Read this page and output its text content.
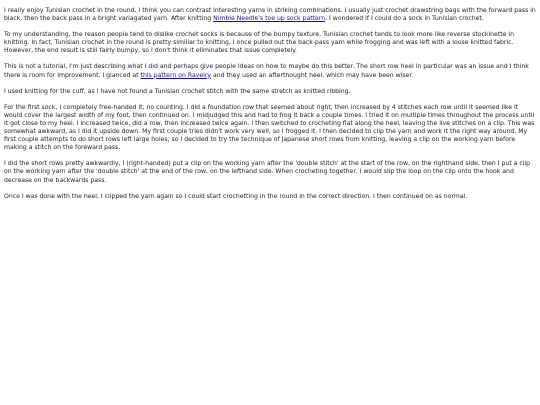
I really enjoy Tunisian crochet in the round, I think you can contrast interesting yarns in striking combinations. I usually just crochet drawstring bags with the forward pass in black, then the back pass in a bright variagated yarn. After knitting Nimble Needle's toe up sock pattern, I wondered if I could do a sock in Tunisian crochet.

To my understanding, the reason people tend to dislike crochet socks is because of the bumpy texture, Tunisian crochet tends to look more like reverse stockinette in knitting. In fact, Tunisian crochet in the round is pretty similiar to knitting, I once pulled out the back-pass yarn while frogging and was left with a loose knitted fabric. However, the end result is still fairly bumpy, so I don't think it eliminates that issue completely.

This is not a tutorial, I'm just describing what I did and perhaps give people ideas on how to maybe do this better. The short row heel in particular was an issue and I think there is room for improvement. I glanced at this pattern on Ravelry and they used an afterthought heel, which may have been wiser.

I used knitting for the cuff, as I have not found a Tunisian crochet stitch with the same stretch as knitted ribbing.

For the first sock, I completely free-handed it, no counting. I did a foundation row that seemed about right, then increased by 4 stitches each row until it seemed like it would cover the largest width of my foot, then continued on. I midjudged this and had to frog it back a couple times. I tried it on multiple times throughout the process until it got close to my heel. I increased twice, did a row, then increased twice again. I then switched to crocheting flat along the heel, leaving the live stitches on a clip. This was somewhat awkward, as I did it upside down. My first couple tries didn't work very well, so I frogged it. I then decided to clip the yarn and work it the right way around. My first couple attempts to do short rows left large holes, so I decided to try the technique of Japanese short rows from knitting, leaving a clip on the working yarn before making a stitch on the foreward pass.

I did the short rows pretty awkwardly, I (right-handed) put a clip on the working yarn after the 'double stitch' at the start of the row, on the righthand side, then I put a clip on the working yarn after the 'double stitch' at the end of the row, on the lefthand side. When crocheting together, I would slip the loop on the clip onto the hook and decrease on the backwards pass.

Once I was done with the heel, I clipped the yarn again so I could start crochetting in the round in the correct direction. I then continued on as normal.
